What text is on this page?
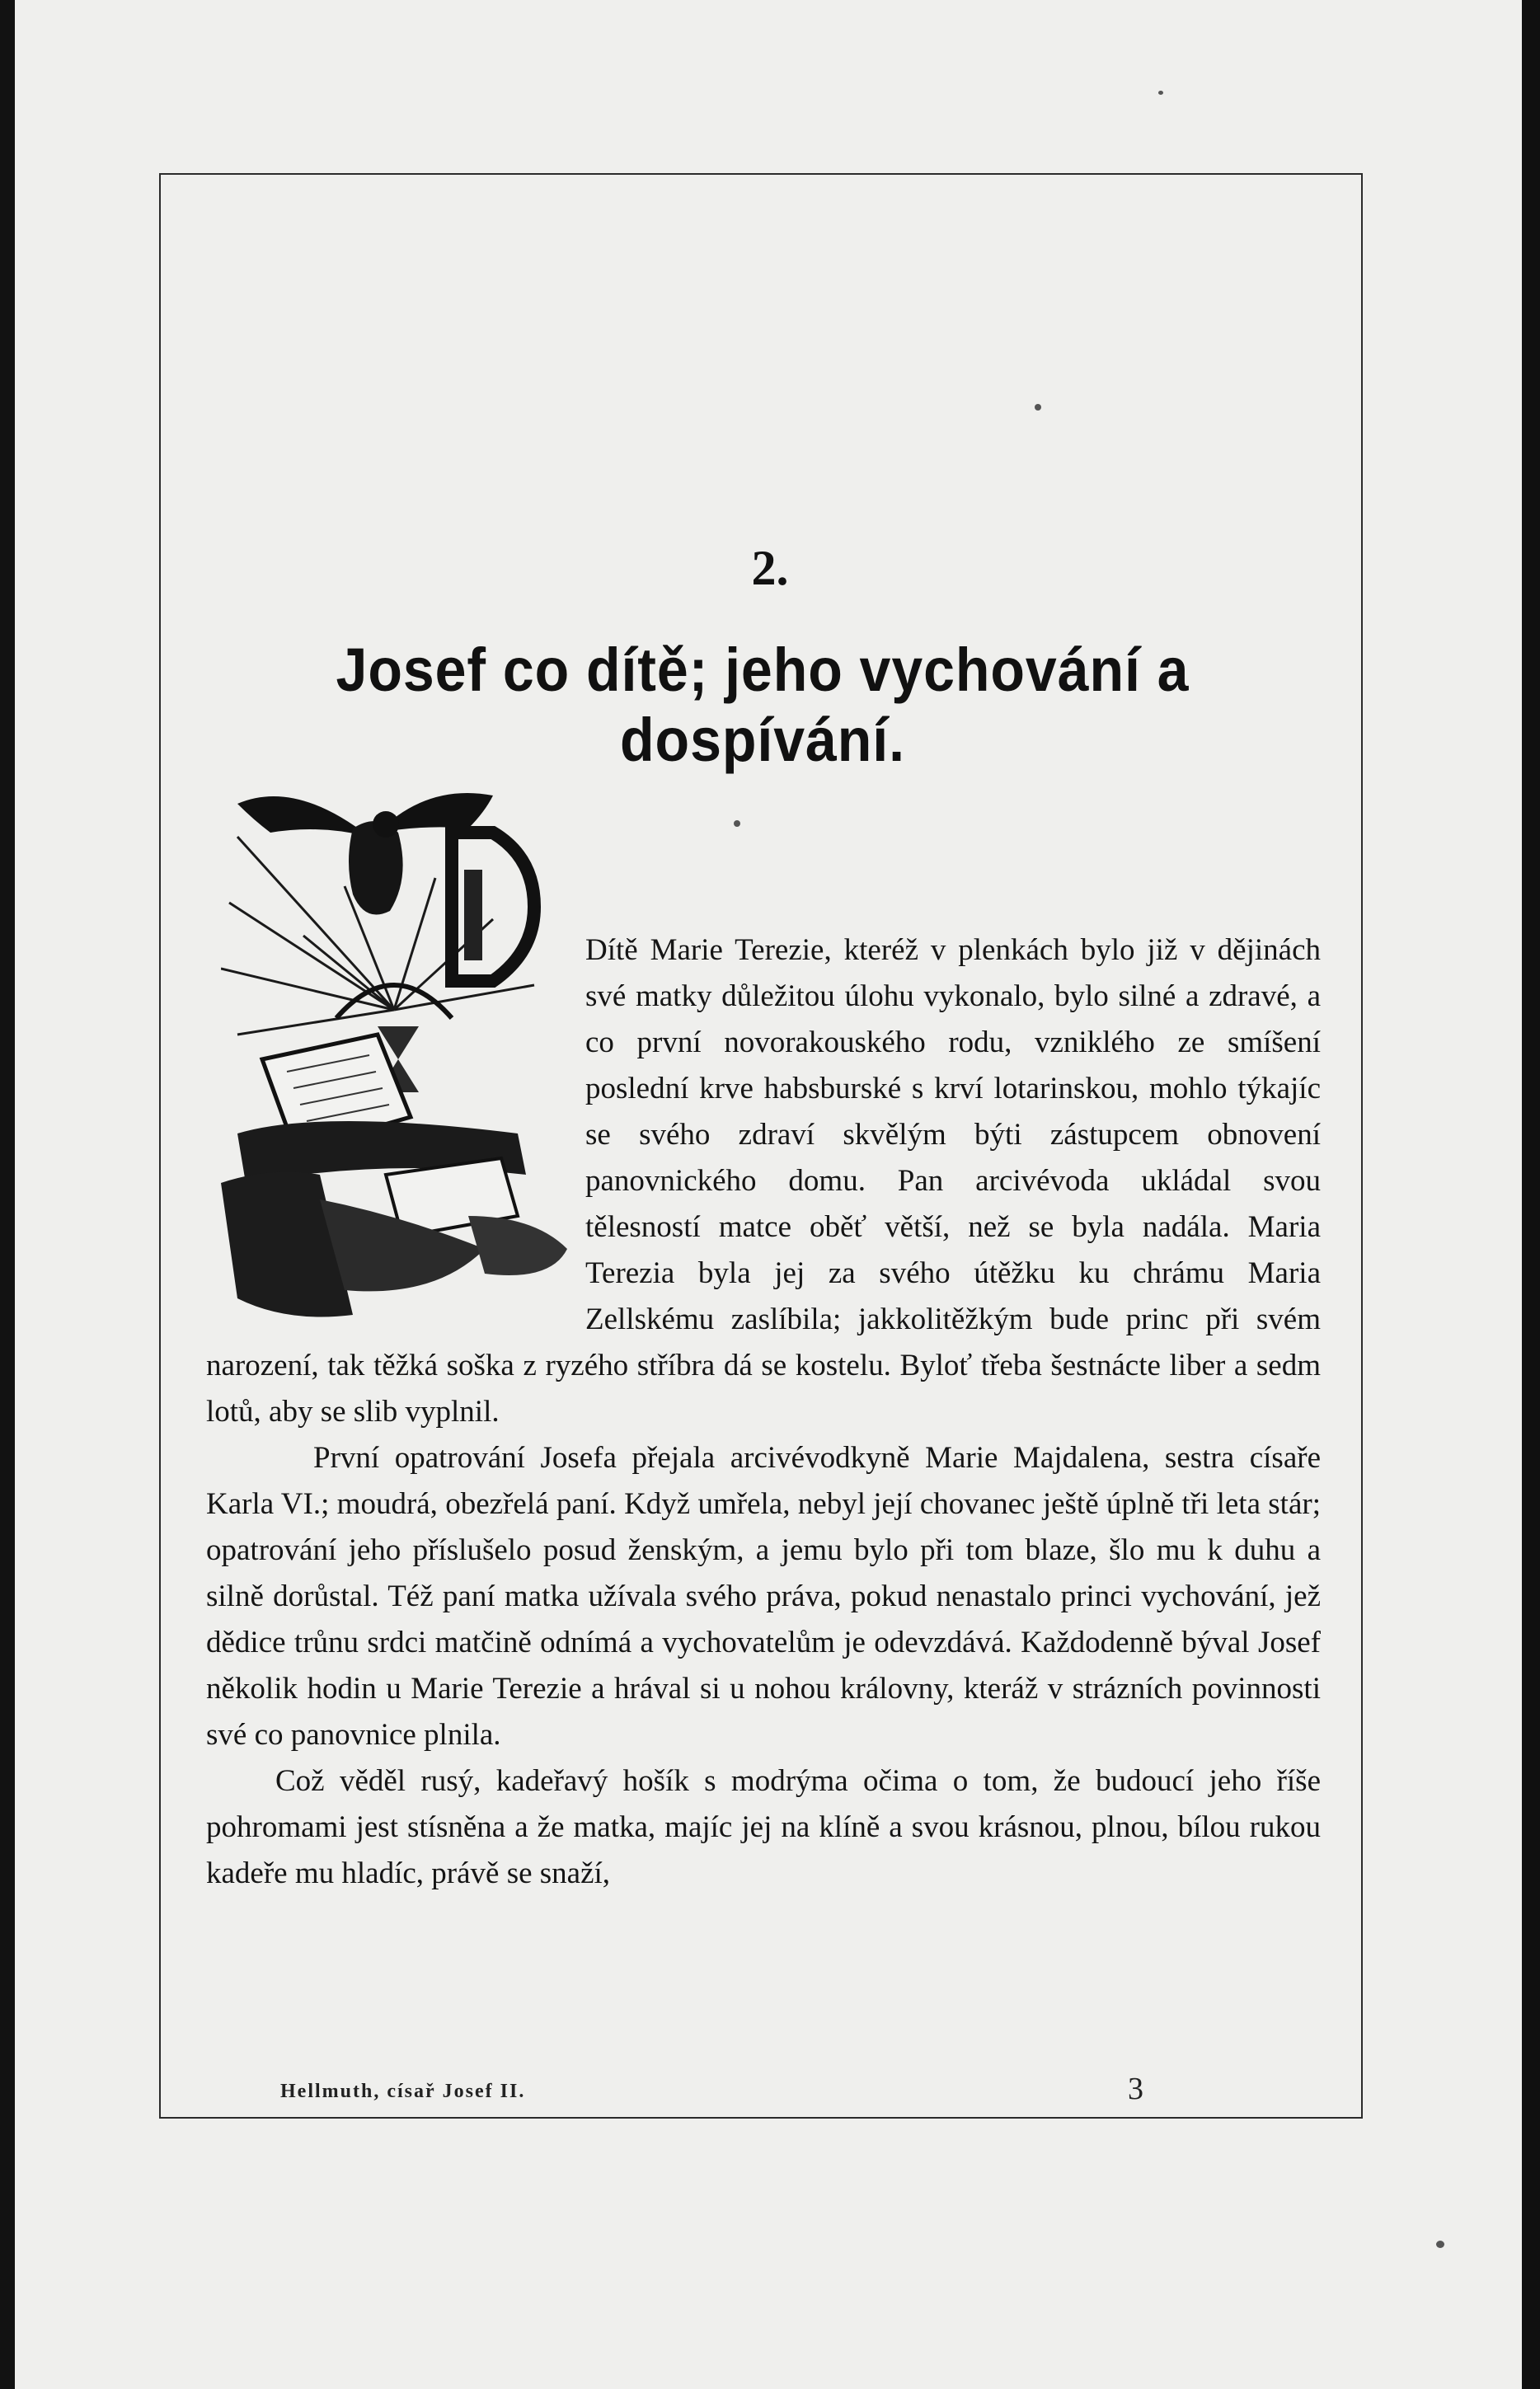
2.
Josef co dítě; jeho vychování a dospívání.

Dítě Marie Terezie, kteréž v plenkách bylo již v dějinách své matky důležitou úlohu vykonalo, bylo silné a zdravé, a co první novorakouského rodu, vzniklého ze smíšení poslední krve habsburské s krví lotarinskou, mohlo týkajíc se svého zdraví skvělým býti zástupcem obnovení panovnického domu. Pan arcivévoda ukládal svou tělesností matce oběť větší, než se byla nadála. Maria Terezia byla jej za svého útěžku ku chrámu Maria Zellskému zaslíbila; jakkolitěžkým bude princ při svém narození, tak těžká soška z ryzého stříbra dá se kostelu. Byloť třeba šestnácte liber a sedm lotů, aby se slib vyplnil.

První opatrování Josefa přejala arcivévodkyně Marie Majdalena, sestra císaře Karla VI.; moudrá, obezřelá paní. Když umřela, nebyl její chovanec ještě úplně tři leta stár; opatrování jeho příslušelo posud ženským, a jemu bylo při tom blaze, šlo mu k duhu a silně dorůstal. Též paní matka užívala svého práva, pokud nenastalo princi vychování, jež dědice trůnu srdci matčině odnímá a vychovatelům je odevzdává. Každodenně býval Josef několik hodin u Marie Terezie a hrával si u nohou královny, kteráž v strázních povinnosti své co panovnice plnila.

Což věděl rusý, kadeřavý hošík s modrýma očima o tom, že budoucí jeho říše pohromami jest stísněna a že matka, majíc jej na klíně a svou krásnou, plnou, bílou rukou kadeře mu hladíc, právě se snaží,

Hellmuth, císař Josef II.	3
